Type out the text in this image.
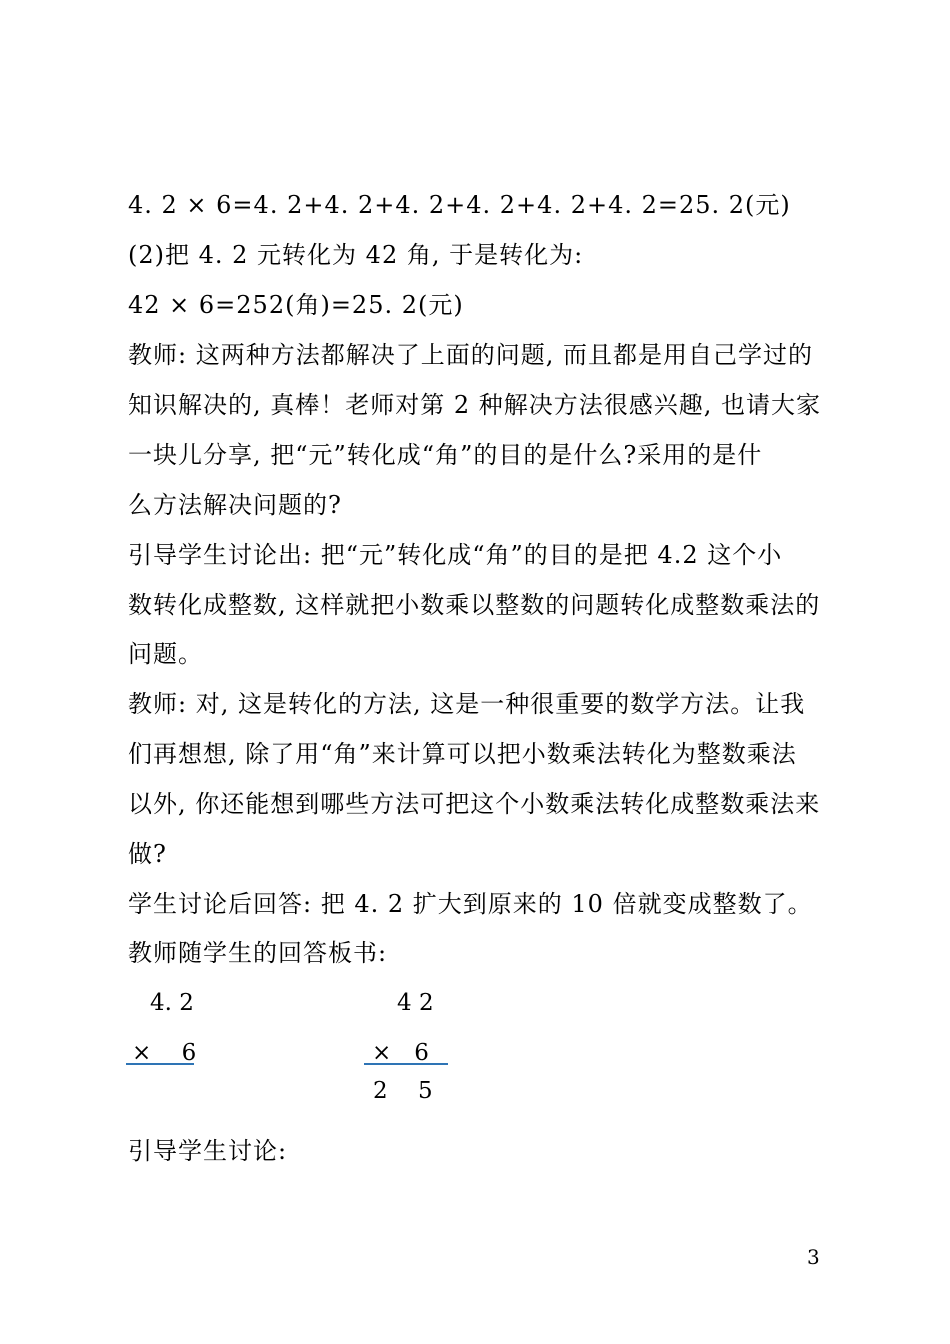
4. 2 × 6=4. 2+4. 2+4. 2+4. 2+4. 2+4. 2=25. 2(元)
(2)把 4. 2 元转化为 42 角, 于是转化为:
42 × 6=252(角)=25. 2(元)
教师: 这两种方法都解决了上面的问题, 而且都是用自己学过的
知识解决的, 真棒！老师对第 2 种解决方法很感兴趣, 也请大家
一块儿分享, 把“元”转化成“角”的目的是什么?采用的是什
么方法解决问题的?
引导学生讨论出: 把“元”转化成“角”的目的是把 4.2 这个小
数转化成整数, 这样就把小数乘以整数的问题转化成整数乘法的
问题。
教师: 对, 这是转化的方法, 这是一种很重要的数学方法。让我
们再想想, 除了用“角”来计算可以把小数乘法转化为整数乘法
以外, 你还能想到哪些方法可把这个小数乘法转化成整数乘法来
做?
学生讨论后回答: 把 4. 2 扩大到原来的 10 倍就变成整数了。
教师随学生的回答板书:
4. 2
×　 6
4 2
×　6
2　 5
引导学生讨论:
3
